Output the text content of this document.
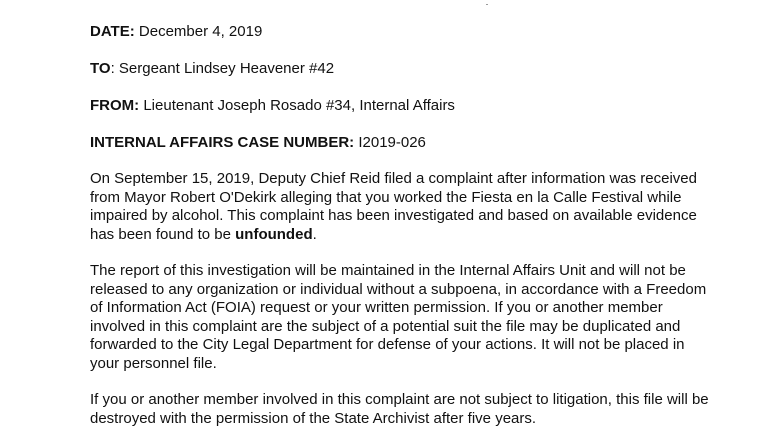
DATE: December 4, 2019
TO: Sergeant Lindsey Heavener #42
FROM: Lieutenant Joseph Rosado #34, Internal Affairs
INTERNAL AFFAIRS CASE NUMBER: I2019-026
On September 15, 2019, Deputy Chief Reid filed a complaint after information was received
from Mayor Robert O'Dekirk alleging that you worked the Fiesta en la Calle Festival while
impaired by alcohol. This complaint has been investigated and based on available evidence
has been found to be unfounded.
The report of this investigation will be maintained in the Internal Affairs Unit and will not be
released to any organization or individual without a subpoena, in accordance with a Freedom
of Information Act (FOIA) request or your written permission. If you or another member
involved in this complaint are the subject of a potential suit the file may be duplicated and
forwarded to the City Legal Department for defense of your actions. It will not be placed in
your personnel file.
If you or another member involved in this complaint are not subject to litigation, this file will be
destroyed with the permission of the State Archivist after five years.
